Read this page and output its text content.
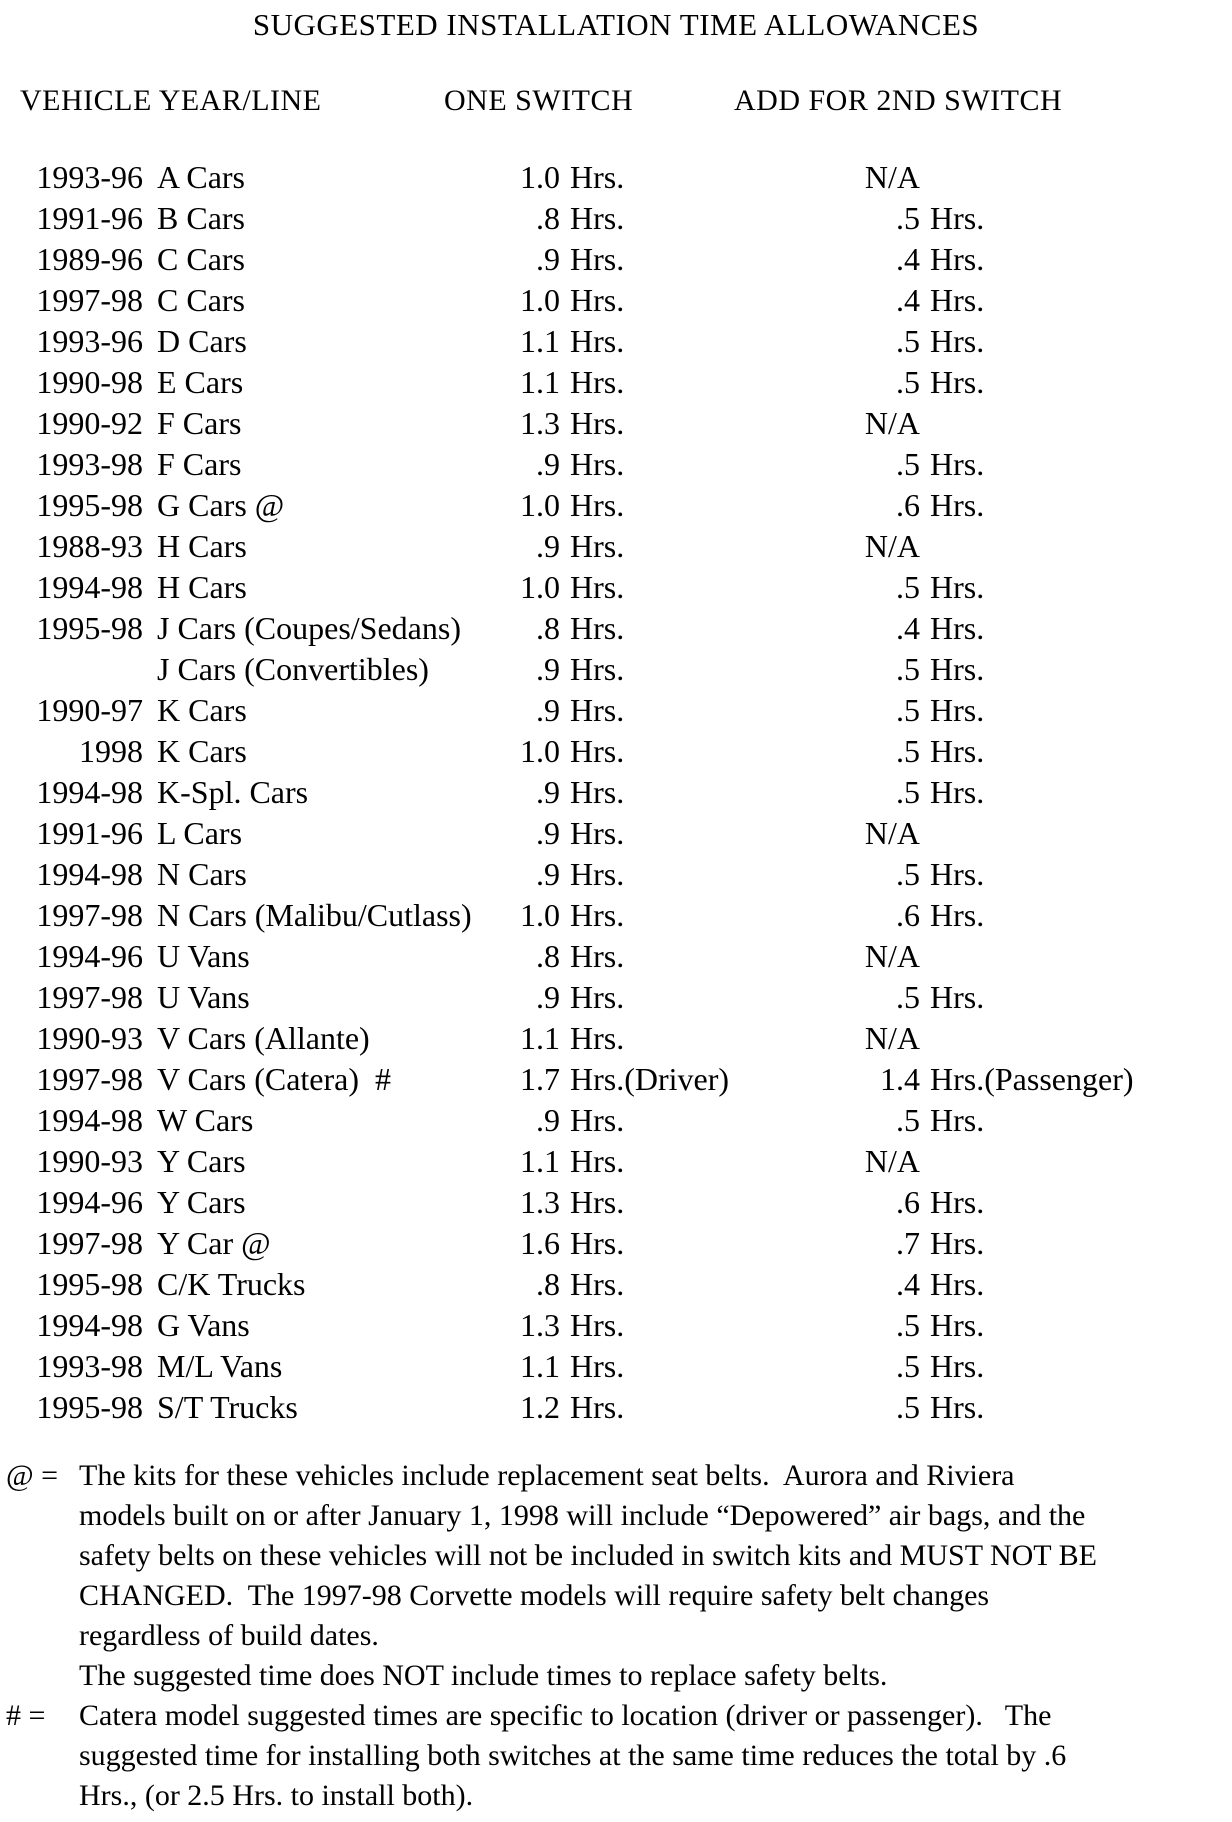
SUGGESTED INSTALLATION TIME ALLOWANCES
VEHICLE YEAR/LINE	ONE SWITCH	ADD FOR 2ND SWITCH
1993-96 A Cars	1.0 Hrs.	N/A
1991-96 B Cars	.8 Hrs.	.5 Hrs.
1989-96 C Cars	.9 Hrs.	.4 Hrs.
1997-98 C Cars	1.0 Hrs.	.4 Hrs.
1993-96 D Cars	1.1 Hrs.	.5 Hrs.
1990-98 E Cars	1.1 Hrs.	.5 Hrs.
1990-92 F Cars	1.3 Hrs.	N/A
1993-98 F Cars	.9 Hrs.	.5 Hrs.
1995-98 G Cars @	1.0 Hrs.	.6 Hrs.
1988-93 H Cars	.9 Hrs.	N/A
1994-98 H Cars	1.0 Hrs.	.5 Hrs.
1995-98 J Cars (Coupes/Sedans)	.8 Hrs.	.4 Hrs.
J Cars (Convertibles)	.9 Hrs.	.5 Hrs.
1990-97 K Cars	.9 Hrs.	.5 Hrs.
1998 K Cars	1.0 Hrs.	.5 Hrs.
1994-98 K-Spl. Cars	.9 Hrs.	.5 Hrs.
1991-96 L Cars	.9 Hrs.	N/A
1994-98 N Cars	.9 Hrs.	.5 Hrs.
1997-98 N Cars (Malibu/Cutlass)	1.0 Hrs.	.6 Hrs.
1994-96 U Vans	.8 Hrs.	N/A
1997-98 U Vans	.9 Hrs.	.5 Hrs.
1990-93 V Cars (Allante)	1.1 Hrs.	N/A
1997-98 V Cars (Catera)  #	1.7 Hrs.(Driver)	1.4 Hrs.(Passenger)
1994-98 W Cars	.9 Hrs.	.5 Hrs.
1990-93 Y Cars	1.1 Hrs.	N/A
1994-96 Y Cars	1.3 Hrs.	.6 Hrs.
1997-98 Y Car @	1.6 Hrs.	.7 Hrs.
1995-98 C/K Trucks	.8 Hrs.	.4 Hrs.
1994-98 G Vans	1.3 Hrs.	.5 Hrs.
1993-98 M/L Vans	1.1 Hrs.	.5 Hrs.
1995-98 S/T Trucks	1.2 Hrs.	.5 Hrs.
@ = The kits for these vehicles include replacement seat belts.  Aurora and Riviera
models built on or after January 1, 1998 will include “Depowered” air bags, and the
safety belts on these vehicles will not be included in switch kits and MUST NOT BE
CHANGED.  The 1997-98 Corvette models will require safety belt changes
regardless of build dates.
The suggested time does NOT include times to replace safety belts.
# = Catera model suggested times are specific to location (driver or passenger).   The
suggested time for installing both switches at the same time reduces the total by .6
Hrs., (or 2.5 Hrs. to install both).
